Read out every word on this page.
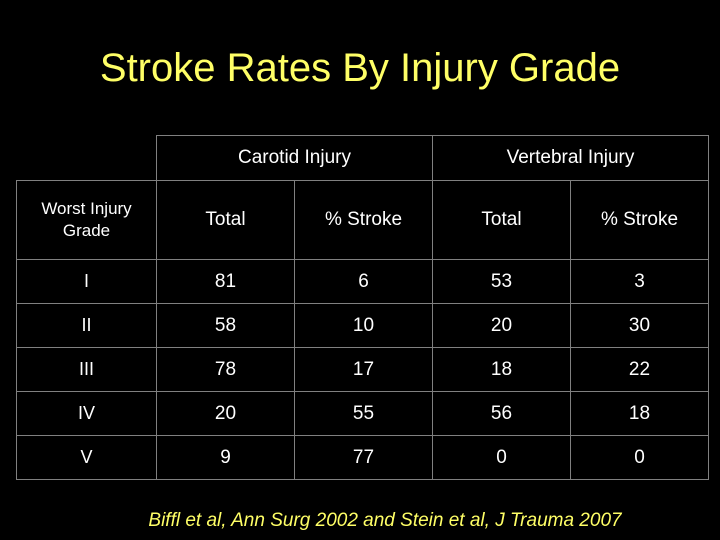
Stroke Rates By Injury Grade
	Carotid Injury		Vertebral Injury	
Worst Injury Grade	Total	% Stroke	Total	% Stroke
I	81	6	53	3
II	58	10	20	30
III	78	17	18	22
IV	20	55	56	18
V	9	77	0	0
Biffl et al, Ann Surg 2002 and Stein et al, J Trauma 2007
